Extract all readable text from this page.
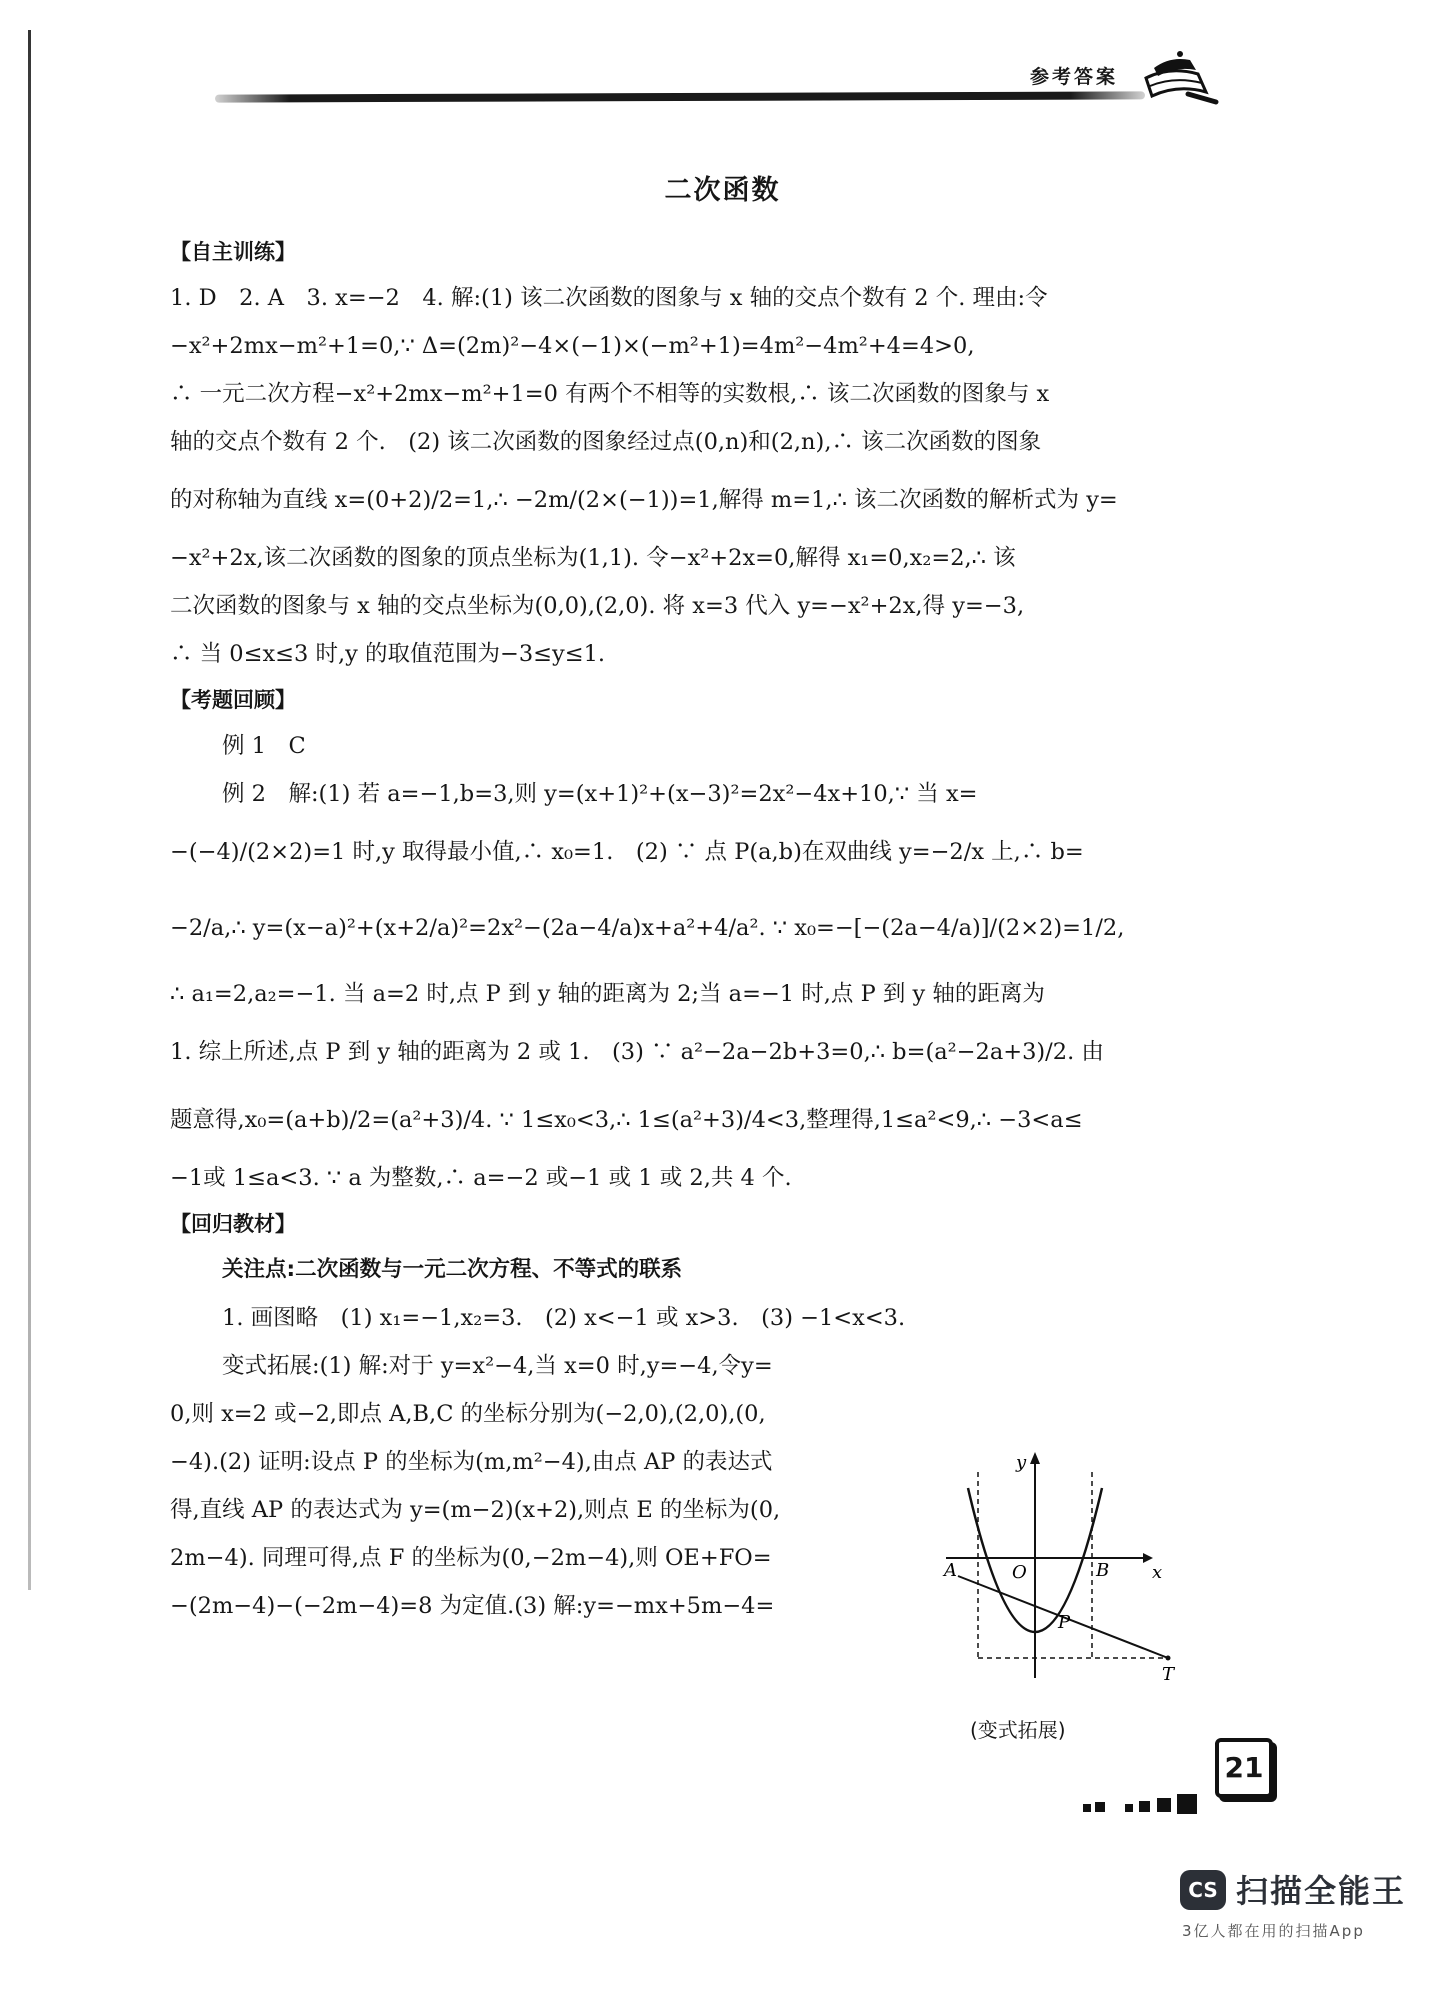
参考答案
二次函数
【自主训练】
1. D　2. A　3. x=−2　4. 解:(1) 该二次函数的图象与 x 轴的交点个数有 2 个. 理由:令
−x²+2mx−m²+1=0,∵ Δ=(2m)²−4×(−1)×(−m²+1)=4m²−4m²+4=4>0,
∴ 一元二次方程−x²+2mx−m²+1=0 有两个不相等的实数根,∴ 该二次函数的图象与 x
轴的交点个数有 2 个.　(2) 该二次函数的图象经过点(0,n)和(2,n),∴ 该二次函数的图象
的对称轴为直线 x=(0+2)/2=1,∴ −2m/(2×(−1))=1,解得 m=1,∴ 该二次函数的解析式为 y=
−x²+2x,该二次函数的图象的顶点坐标为(1,1). 令−x²+2x=0,解得 x₁=0,x₂=2,∴ 该
二次函数的图象与 x 轴的交点坐标为(0,0),(2,0). 将 x=3 代入 y=−x²+2x,得 y=−3,
∴ 当 0≤x≤3 时,y 的取值范围为−3≤y≤1.
【考题回顾】
例 1　C
例 2　解:(1) 若 a=−1,b=3,则 y=(x+1)²+(x−3)²=2x²−4x+10,∵ 当 x=
−(−4)/(2×2)=1 时,y 取得最小值,∴ x₀=1.　(2) ∵ 点 P(a,b)在双曲线 y=−2/x 上,∴ b=
−2/a,∴ y=(x−a)²+(x+2/a)²=2x²−(2a−4/a)x+a²+4/a². ∵ x₀=−[−(2a−4/a)]/(2×2)=1/2,
∴ a₁=2,a₂=−1. 当 a=2 时,点 P 到 y 轴的距离为 2;当 a=−1 时,点 P 到 y 轴的距离为
1. 综上所述,点 P 到 y 轴的距离为 2 或 1.　(3) ∵ a²−2a−2b+3=0,∴ b=(a²−2a+3)/2. 由
题意得,x₀=(a+b)/2=(a²+3)/4. ∵ 1≤x₀<3,∴ 1≤(a²+3)/4<3,整理得,1≤a²<9,∴ −3<a≤
−1或 1≤a<3. ∵ a 为整数,∴ a=−2 或−1 或 1 或 2,共 4 个.
【回归教材】
关注点:二次函数与一元二次方程、不等式的联系
1. 画图略　(1) x₁=−1,x₂=3.　(2) x<−1 或 x>3.　(3) −1<x<3.
变式拓展:(1) 解:对于 y=x²−4,当 x=0 时,y=−4,令y=
0,则 x=2 或−2,即点 A,B,C 的坐标分别为(−2,0),(2,0),(0,
−4).(2) 证明:设点 P 的坐标为(m,m²−4),由点 AP 的表达式
得,直线 AP 的表达式为 y=(m−2)(x+2),则点 E 的坐标为(0,
2m−4). 同理可得,点 F 的坐标为(0,−2m−4),则 OE+FO=
−(2m−4)−(−2m−4)=8 为定值.(3) 解:y=−mx+5m−4=
y
x
O
A	B
P
T
(变式拓展)
21
CS 扫描全能王
3亿人都在用的扫描App
